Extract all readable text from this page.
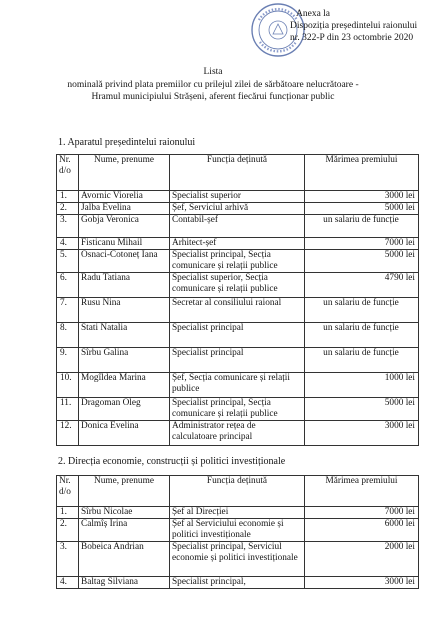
Anexa la
Dispoziția președintelui raionului
nr. 322-P din 23 octombrie 2020
Lista
nominală privind plata premiilor cu prilejul zilei de sărbătoare nelucrătoare -
Hramul municipiului Strășeni, aferent fiecărui funcționar public
1. Aparatul președintelui raionului
Nr. d/o	Nume, prenume	Funcția deținută	Mărimea premiului
1.	Avornic Viorelia	Specialist superior	3000 lei
2.	Jalba Evelina	Șef, Serviciul arhivă	5000 lei
3.	Gobja Veronica	Contabil-șef	un salariu de funcție
4.	Fisticanu Mihail	Arhitect-șef	7000 lei
5.	Osnaci-Cotoneț Iana	Specialist principal, Secția comunicare și relații publice	5000 lei
6.	Radu Tatiana	Specialist superior, Secția comunicare și relații publice	4790 lei
7.	Rusu Nina	Secretar al consiliului raional	un salariu de funcție
8.	Stati Natalia	Specialist principal	un salariu de funcție
9.	Sîrbu Galina	Specialist principal	un salariu de funcție
10.	Mogîldea Marina	Șef, Secția comunicare și relații publice	1000 lei
11.	Dragoman Oleg	Specialist principal, Secția comunicare și relații publice	5000 lei
12.	Donica Evelina	Administrator rețea de calculatoare principal	3000 lei
2. Direcția economie, construcții și politici investiționale
Nr. d/o	Nume, prenume	Funcția deținută	Mărimea premiului
1.	Sîrbu Nicolae	Șef al Direcției	7000 lei
2.	Calmîș Irina	Șef al Serviciului economie și politici investiționale	6000 lei
3.	Bobeica Andrian	Specialist principal, Serviciul economie și politici investiționale	2000 lei
4.	Baltag Silviana	Specialist principal,	3000 lei
